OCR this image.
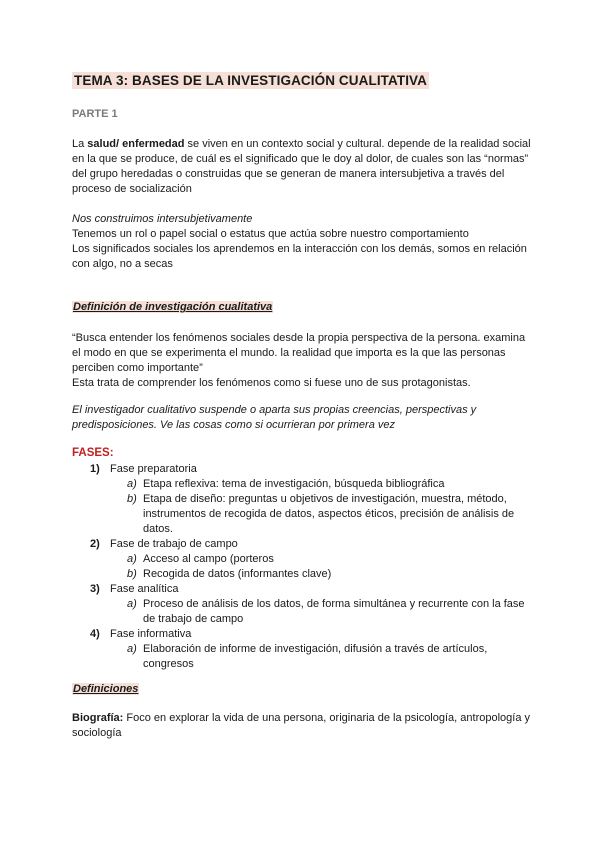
TEMA 3: BASES DE LA INVESTIGACIÓN CUALITATIVA
PARTE 1

La salud/ enfermedad se viven en un contexto social y cultural. depende de la realidad social en la que se produce, de cuál es el significado que le doy al dolor, de cuales son las “normas” del grupo heredadas o construidas que se generan de manera intersubjetiva a través del proceso de socialización

Nos construimos intersubjetivamente

Tenemos un rol o papel social o estatus que actúa sobre nuestro comportamiento

Los significados sociales los aprendemos en la interacción con los demás, somos en relación con algo, no a secas

Definición de investigación cualitativa

“Busca entender los fenómenos sociales desde la propia perspectiva de la persona. examina el modo en que se experimenta el mundo. la realidad que importa es la que las personas perciben como importante”

Esta trata de comprender los fenómenos como si fuese uno de sus protagonistas.

El investigador cualitativo suspende o aparta sus propias creencias, perspectivas y predisposiciones. Ve las cosas como si ocurrieran por primera vez

FASES:
1) Fase preparatoria
a) Etapa reflexiva: tema de investigación, búsqueda bibliográfica
b) Etapa de diseño: preguntas u objetivos de investigación, muestra, método, instrumentos de recogida de datos, aspectos éticos, precisión de análisis de datos.
2) Fase de trabajo de campo
a) Acceso al campo (porteros
b) Recogida de datos (informantes clave)
3) Fase analítica
a) Proceso de análisis de los datos, de forma simultánea y recurrente con la fase de trabajo de campo
4) Fase informativa
a) Elaboración de informe de investigación, difusión a través de artículos, congresos
Definiciones

Biografía: Foco en explorar la vida de una persona, originaria de la psicología, antropología y sociología
